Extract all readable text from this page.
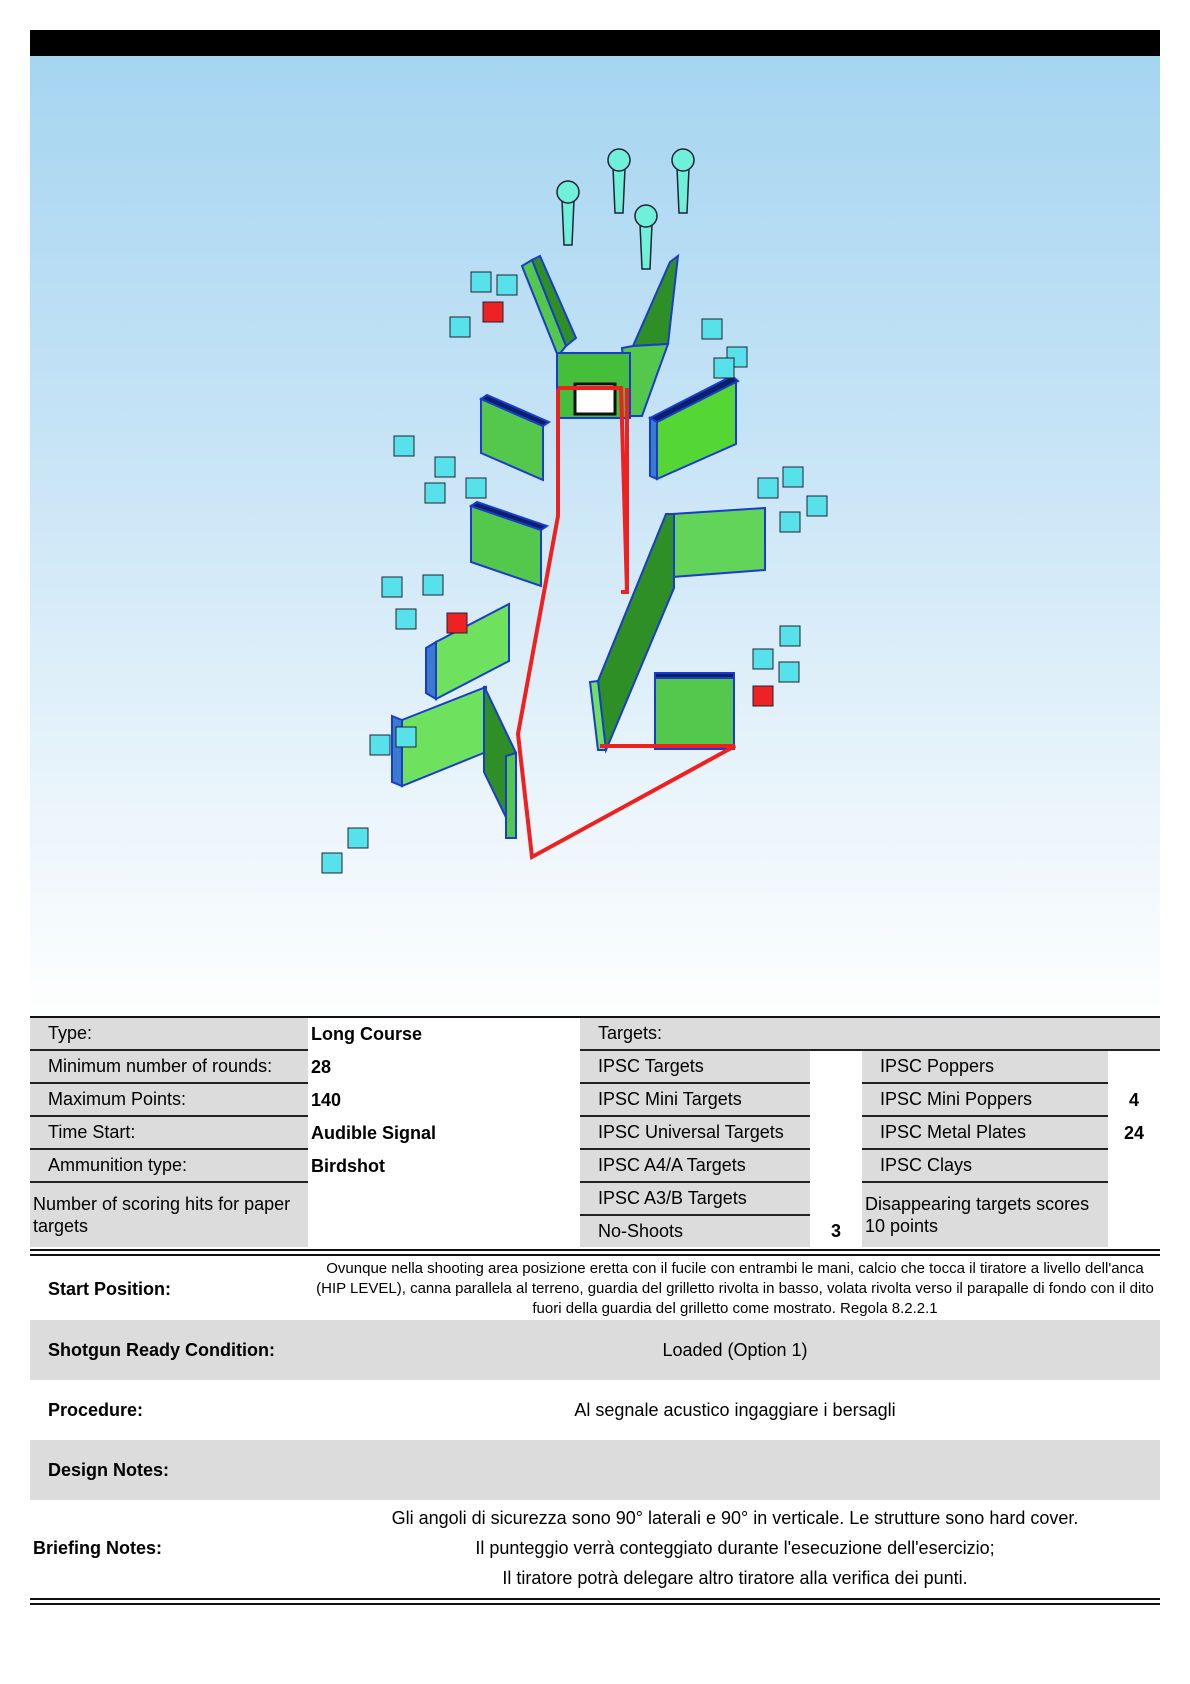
Type:	Long Course
Minimum number of rounds:	28
Maximum Points:	140
Time Start:	Audible Signal
Ammunition type:	Birdshot
Number of scoring hits for paper targets
Targets:
IPSC Targets
IPSC Mini Targets
IPSC Universal Targets
IPSC A4/A Targets
IPSC A3/B Targets
No-Shoots	3
IPSC Poppers
IPSC Mini Poppers	4
IPSC Metal Plates	24
IPSC Clays
Disappearing targets scores 10 points
Start Position:
Ovunque nella shooting area posizione eretta con il fucile con entrambi le mani, calcio che tocca il tiratore a livello dell'anca (HIP LEVEL), canna parallela al terreno, guardia del grilletto rivolta in basso, volata rivolta verso il parapalle di fondo con il dito fuori della guardia del grilletto come mostrato. Regola 8.2.2.1
Shotgun Ready Condition:	Loaded (Option 1)
Procedure:	Al segnale acustico ingaggiare i bersagli
Design Notes:
Briefing Notes:
Gli angoli di sicurezza sono 90° laterali e 90° in verticale. Le strutture sono hard cover.
Il punteggio verrà conteggiato durante l'esecuzione dell'esercizio;
Il tiratore potrà delegare altro tiratore alla verifica dei punti.
